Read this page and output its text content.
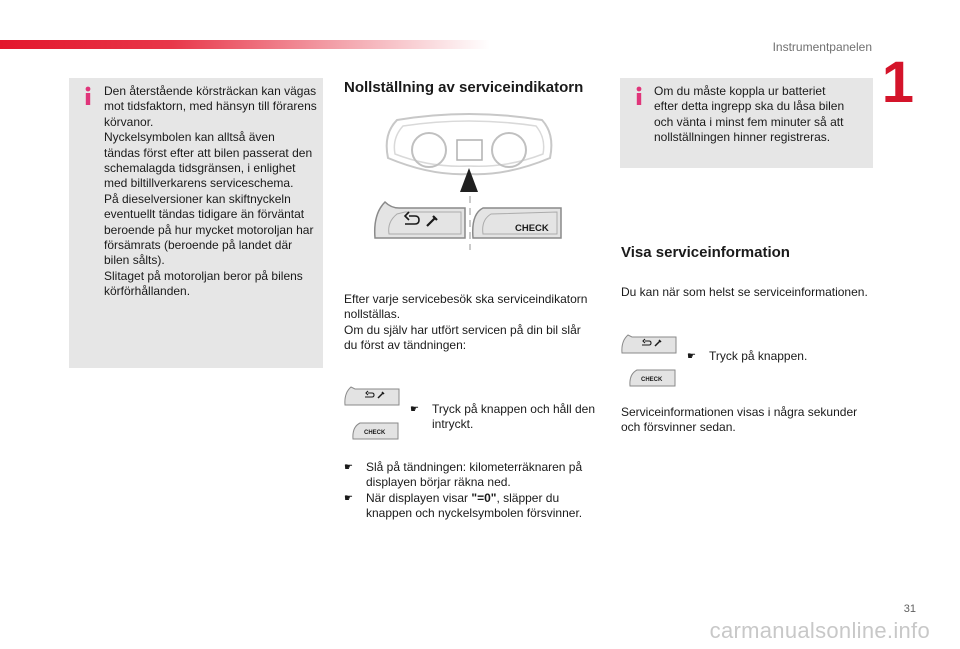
Instrumentpanelen
1
Den återstående körsträckan kan vägas
mot tidsfaktorn, med hänsyn till förarens
körvanor.
Nyckelsymbolen kan alltså även
tändas först efter att bilen passerat den
schemalagda tidsgränsen, i enlighet
med biltillverkarens serviceschema.
På dieselversioner kan skiftnyckeln
eventuellt tändas tidigare än förväntat
beroende på hur mycket motoroljan har
försämrats (beroende på landet där
bilen sålts).
Slitaget på motoroljan beror på bilens
körförhållanden.
Nollställning av serviceindikatorn
CHECK
Efter varje servicebesök ska serviceindikatorn
nollställas.
Om du själv har utfört servicen på din bil slår
du först av tändningen:
CHECK
☛	Tryck på knappen och håll den
intryckt.
☛	Slå på tändningen: kilometerräknaren på
displayen börjar räkna ned.
☛	När displayen visar "=0", släpper du
knappen och nyckelsymbolen försvinner.
Om du måste koppla ur batteriet
efter detta ingrepp ska du låsa bilen
och vänta i minst fem minuter så att
nollställningen hinner registreras.
Visa serviceinformation
Du kan när som helst se serviceinformationen.
CHECK
☛	Tryck på knappen.
Serviceinformationen visas i några sekunder
och försvinner sedan.
31
carmanualsonline.info
